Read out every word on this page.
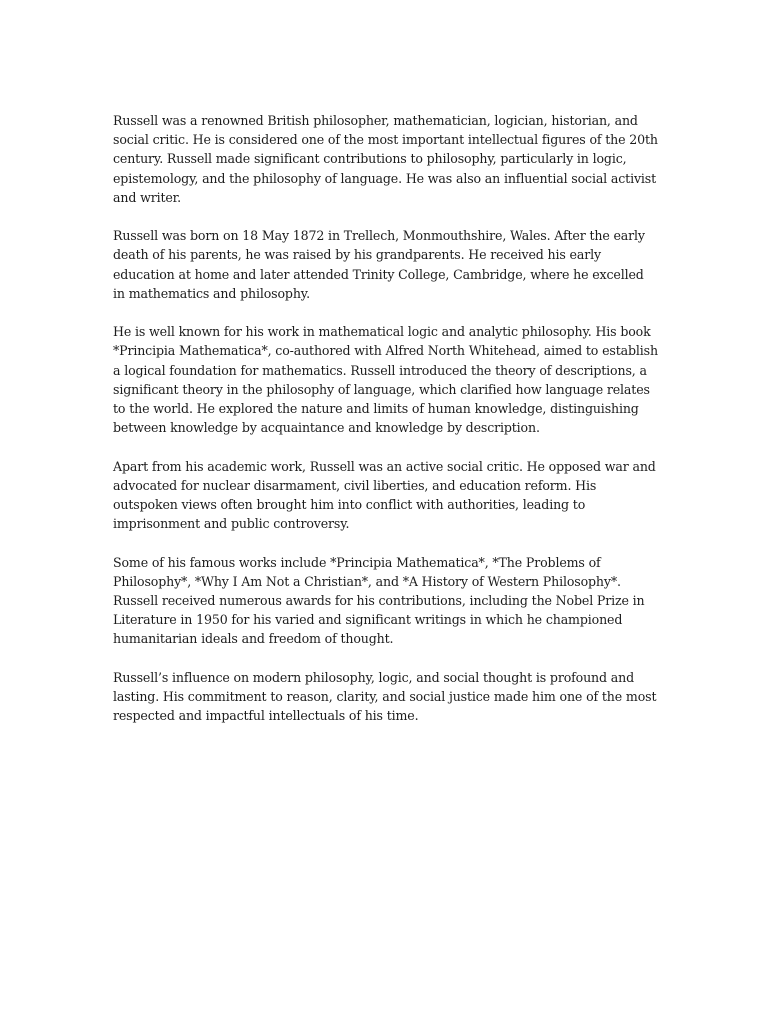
Russell was a renowned British philosopher, mathematician, logician, historian, and social critic. He is considered one of the most important intellectual figures of the 20th century. Russell made significant contributions to philosophy, particularly in logic, epistemology, and the philosophy of language. He was also an influential social activist and writer.

Russell was born on 18 May 1872 in Trellech, Monmouthshire, Wales. After the early death of his parents, he was raised by his grandparents. He received his early education at home and later attended Trinity College, Cambridge, where he excelled in mathematics and philosophy.

He is well known for his work in mathematical logic and analytic philosophy. His book *Principia Mathematica*, co-authored with Alfred North Whitehead, aimed to establish a logical foundation for mathematics. Russell introduced the theory of descriptions, a significant theory in the philosophy of language, which clarified how language relates to the world. He explored the nature and limits of human knowledge, distinguishing between knowledge by acquaintance and knowledge by description.

Apart from his academic work, Russell was an active social critic. He opposed war and advocated for nuclear disarmament, civil liberties, and education reform. His outspoken views often brought him into conflict with authorities, leading to imprisonment and public controversy.

Some of his famous works include *Principia Mathematica*, *The Problems of Philosophy*, *Why I Am Not a Christian*, and *A History of Western Philosophy*. Russell received numerous awards for his contributions, including the Nobel Prize in Literature in 1950 for his varied and significant writings in which he championed humanitarian ideals and freedom of thought.

Russell’s influence on modern philosophy, logic, and social thought is profound and lasting. His commitment to reason, clarity, and social justice made him one of the most respected and impactful intellectuals of his time.
